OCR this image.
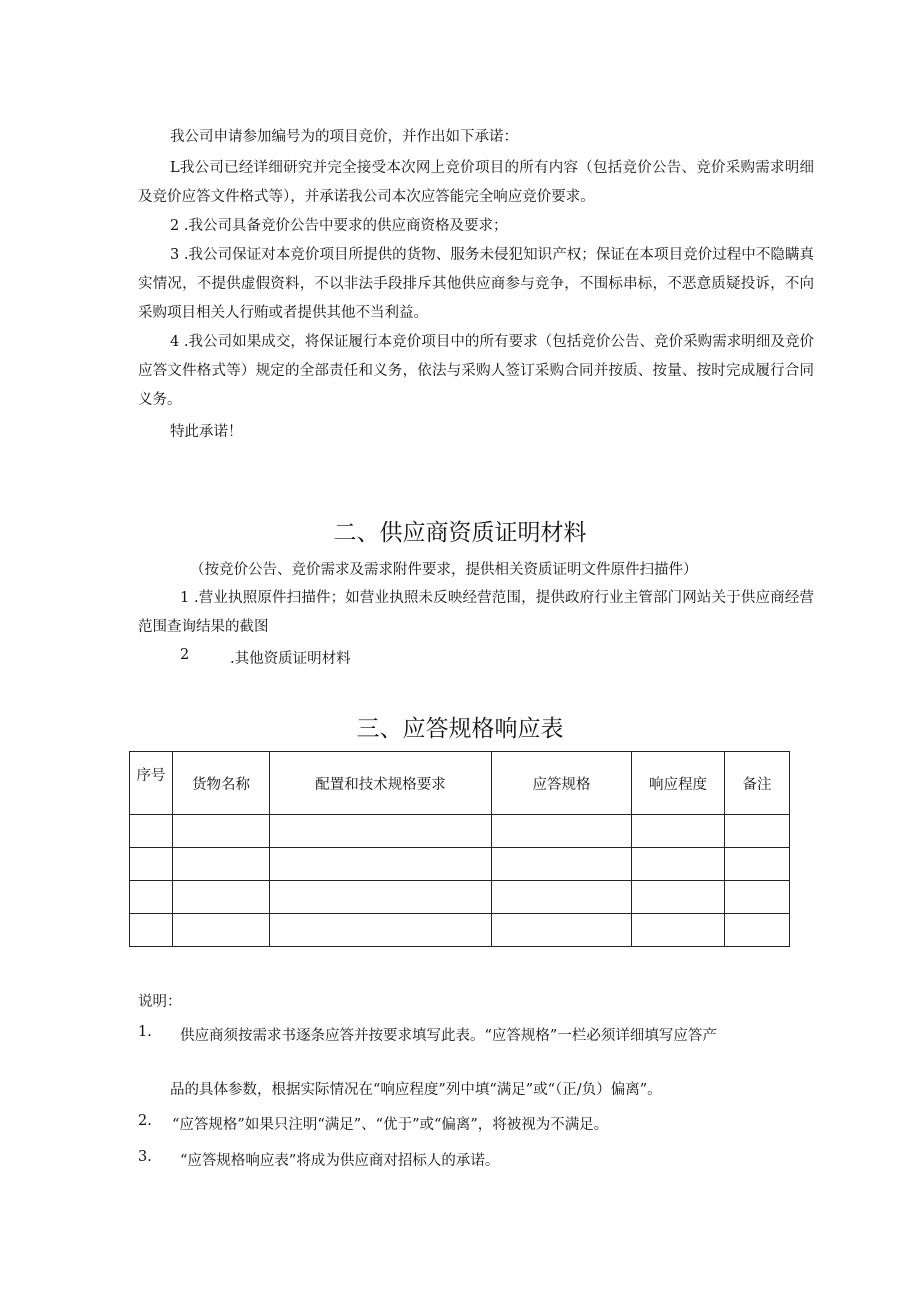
我公司申请参加编号为的项目竞价，并作出如下承诺：
L我公司已经详细研究并完全接受本次网上竞价项目的所有内容（包括竞价公告、竞价采购需求明细及竞价应答文件格式等），并承诺我公司本次应答能完全响应竞价要求。
2 .我公司具备竞价公告中要求的供应商资格及要求；
3 .我公司保证对本竞价项目所提供的货物、服务未侵犯知识产权；保证在本项目竞价过程中不隐瞒真实情况，不提供虚假资料，不以非法手段排斥其他供应商参与竞争，不围标串标，不恶意质疑投诉，不向采购项目相关人行贿或者提供其他不当利益。
4 .我公司如果成交，将保证履行本竞价项目中的所有要求（包括竞价公告、竞价采购需求明细及竞价应答文件格式等）规定的全部责任和义务，依法与采购人签订采购合同并按质、按量、按时完成履行合同义务。
特此承诺！
二、供应商资质证明材料
（按竞价公告、竞价需求及需求附件要求，提供相关资质证明文件原件扫描件）
1 .营业执照原件扫描件；如营业执照未反映经营范围，提供政府行业主管部门网站关于供应商经营范围查询结果的截图
2	.其他资质证明材料
三、应答规格响应表
序号	货物名称	配置和技术规格要求	应答规格	响应程度	备注

说明：
1. 供应商须按需求书逐条应答并按要求填写此表。“应答规格”一栏必须详细填写应答产
品的具体参数，根据实际情况在“响应程度”列中填“满足”或“（正/负）偏离”。
2. “应答规格”如果只注明“满足”、“优于”或“偏离”，将被视为不满足。
3. “应答规格响应表”将成为供应商对招标人的承诺。
